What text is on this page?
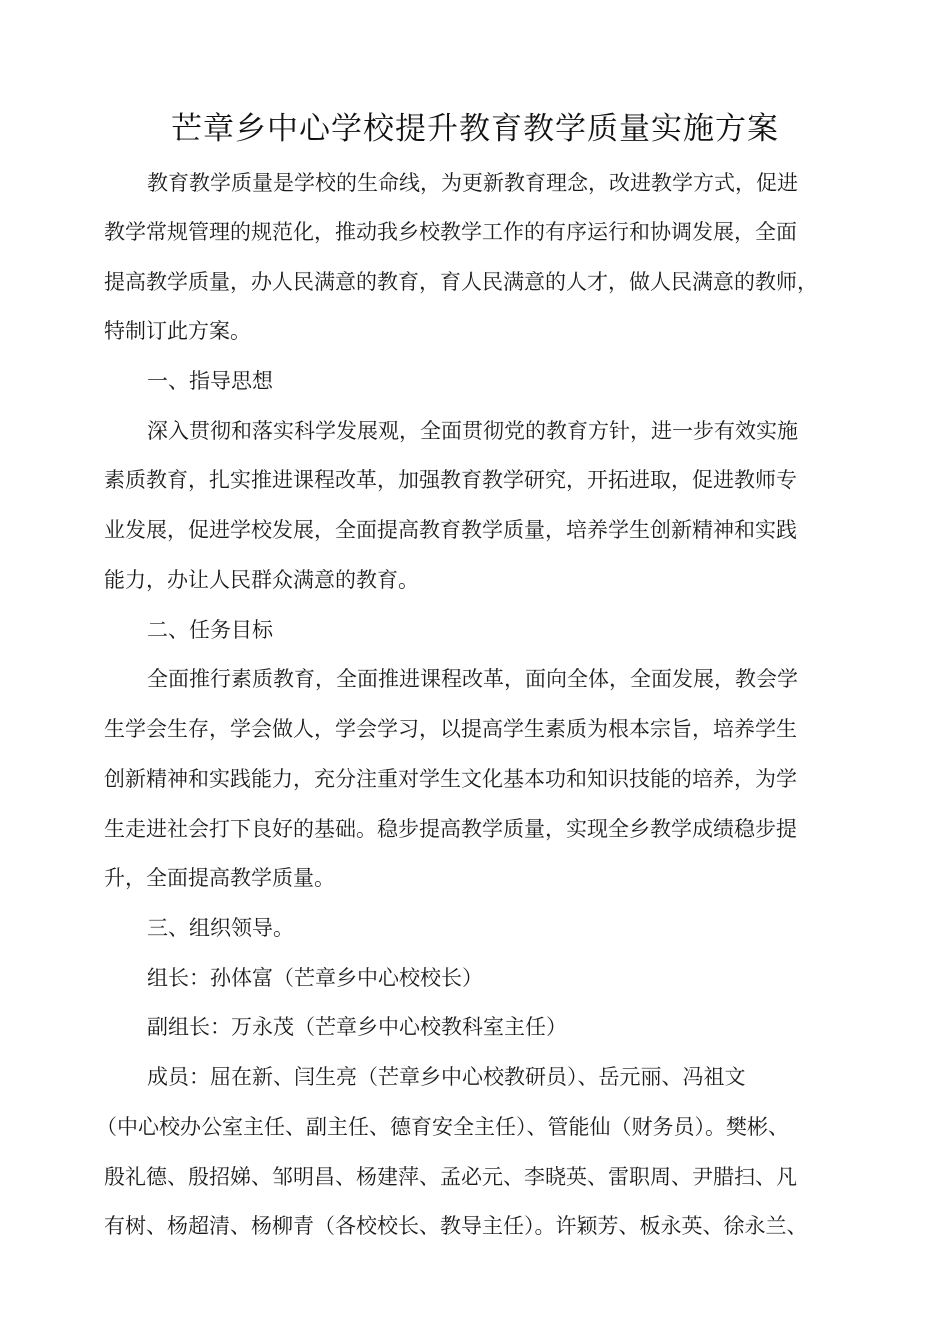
芒章乡中心学校提升教育教学质量实施方案
教育教学质量是学校的生命线，为更新教育理念，改进教学方式，促进
教学常规管理的规范化，推动我乡校教学工作的有序运行和协调发展，全面
提高教学质量，办人民满意的教育，育人民满意的人才，做人民满意的教师，
特制订此方案。
一、指导思想
深入贯彻和落实科学发展观，全面贯彻党的教育方针，进一步有效实施
素质教育，扎实推进课程改革，加强教育教学研究，开拓进取，促进教师专
业发展，促进学校发展，全面提高教育教学质量，培养学生创新精神和实践
能力，办让人民群众满意的教育。
二、任务目标
全面推行素质教育，全面推进课程改革，面向全体，全面发展，教会学
生学会生存，学会做人，学会学习，以提高学生素质为根本宗旨，培养学生
创新精神和实践能力，充分注重对学生文化基本功和知识技能的培养，为学
生走进社会打下良好的基础。稳步提高教学质量，实现全乡教学成绩稳步提
升，全面提高教学质量。
三、组织领导。
组长：孙体富（芒章乡中心校校长）
副组长：万永茂（芒章乡中心校教科室主任）
成员：屈在新、闫生亮（芒章乡中心校教研员）、岳元丽、冯祖文
（中心校办公室主任、副主任、德育安全主任）、管能仙（财务员）。樊彬、
殷礼德、殷招娣、邹明昌、杨建萍、孟必元、李晓英、雷职周、尹腊扫、凡
有树、杨超清、杨柳青（各校校长、教导主任）。许颖芳、板永英、徐永兰、
